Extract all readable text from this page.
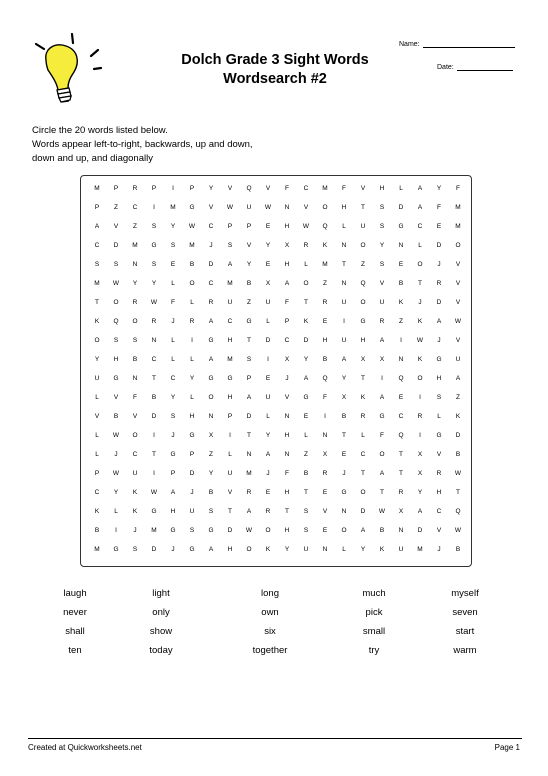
Dolch Grade 3 Sight Words
Wordsearch #2
Name:
Date:
Circle the 20 words listed below.
Words appear left-to-right, backwards, up and down,
down and up, and diagonally
M	P	R	P	I	P	Y	V	Q	V	F	C	M	F	V	H	L	A	Y	F
P	Z	C	I	M	G	V	W	U	W	N	V	O	H	T	S	D	A	F	M
A	V	Z	S	Y	W	C	P	P	E	H	W	Q	L	U	S	G	C	E	M
C	D	M	G	S	M	J	S	V	Y	X	R	K	N	O	Y	N	L	D	O
S	S	N	S	E	B	D	A	Y	E	H	L	M	T	Z	S	E	O	J	V
M	W	Y	Y	L	O	C	M	B	X	A	O	Z	N	Q	V	B	T	R	V
T	O	R	W	F	L	R	U	Z	U	F	T	R	U	O	U	K	J	D	V
K	Q	O	R	J	R	A	C	G	L	P	K	E	I	G	R	Z	K	A	W
O	S	S	N	L	I	G	H	T	D	C	D	H	U	H	A	I	W	J	V
Y	H	B	C	L	L	A	M	S	I	X	Y	B	A	X	X	N	K	G	U
U	G	N	T	C	Y	G	G	P	E	J	A	Q	Y	T	I	Q	O	H	A
L	V	F	B	Y	L	O	H	A	U	V	G	F	X	K	A	E	I	S	Z
V	B	V	D	S	H	N	P	D	L	N	E	I	B	R	G	C	R	L	K
L	W	O	I	J	G	X	I	T	Y	H	L	N	T	L	F	Q	I	G	D
L	J	C	T	G	P	Z	L	N	A	N	Z	X	E	C	O	T	X	V	B
P	W	U	I	P	D	Y	U	M	J	F	B	R	J	T	A	T	X	R	W
C	Y	K	W	A	J	B	V	R	E	H	T	E	G	O	T	R	Y	H	T
K	L	K	G	H	U	S	T	A	R	T	S	V	N	D	W	X	A	C	Q
B	I	J	M	G	S	G	D	W	O	H	S	E	O	A	B	N	D	V	W
M	G	S	D	J	G	A	H	O	K	Y	U	N	L	Y	K	U	M	J	B
laugh	light	long	much	myself
never	only	own	pick	seven
shall	show	six	small	start
ten	today	together	try	warm
Created at Quickworksheets.net	Page 1
